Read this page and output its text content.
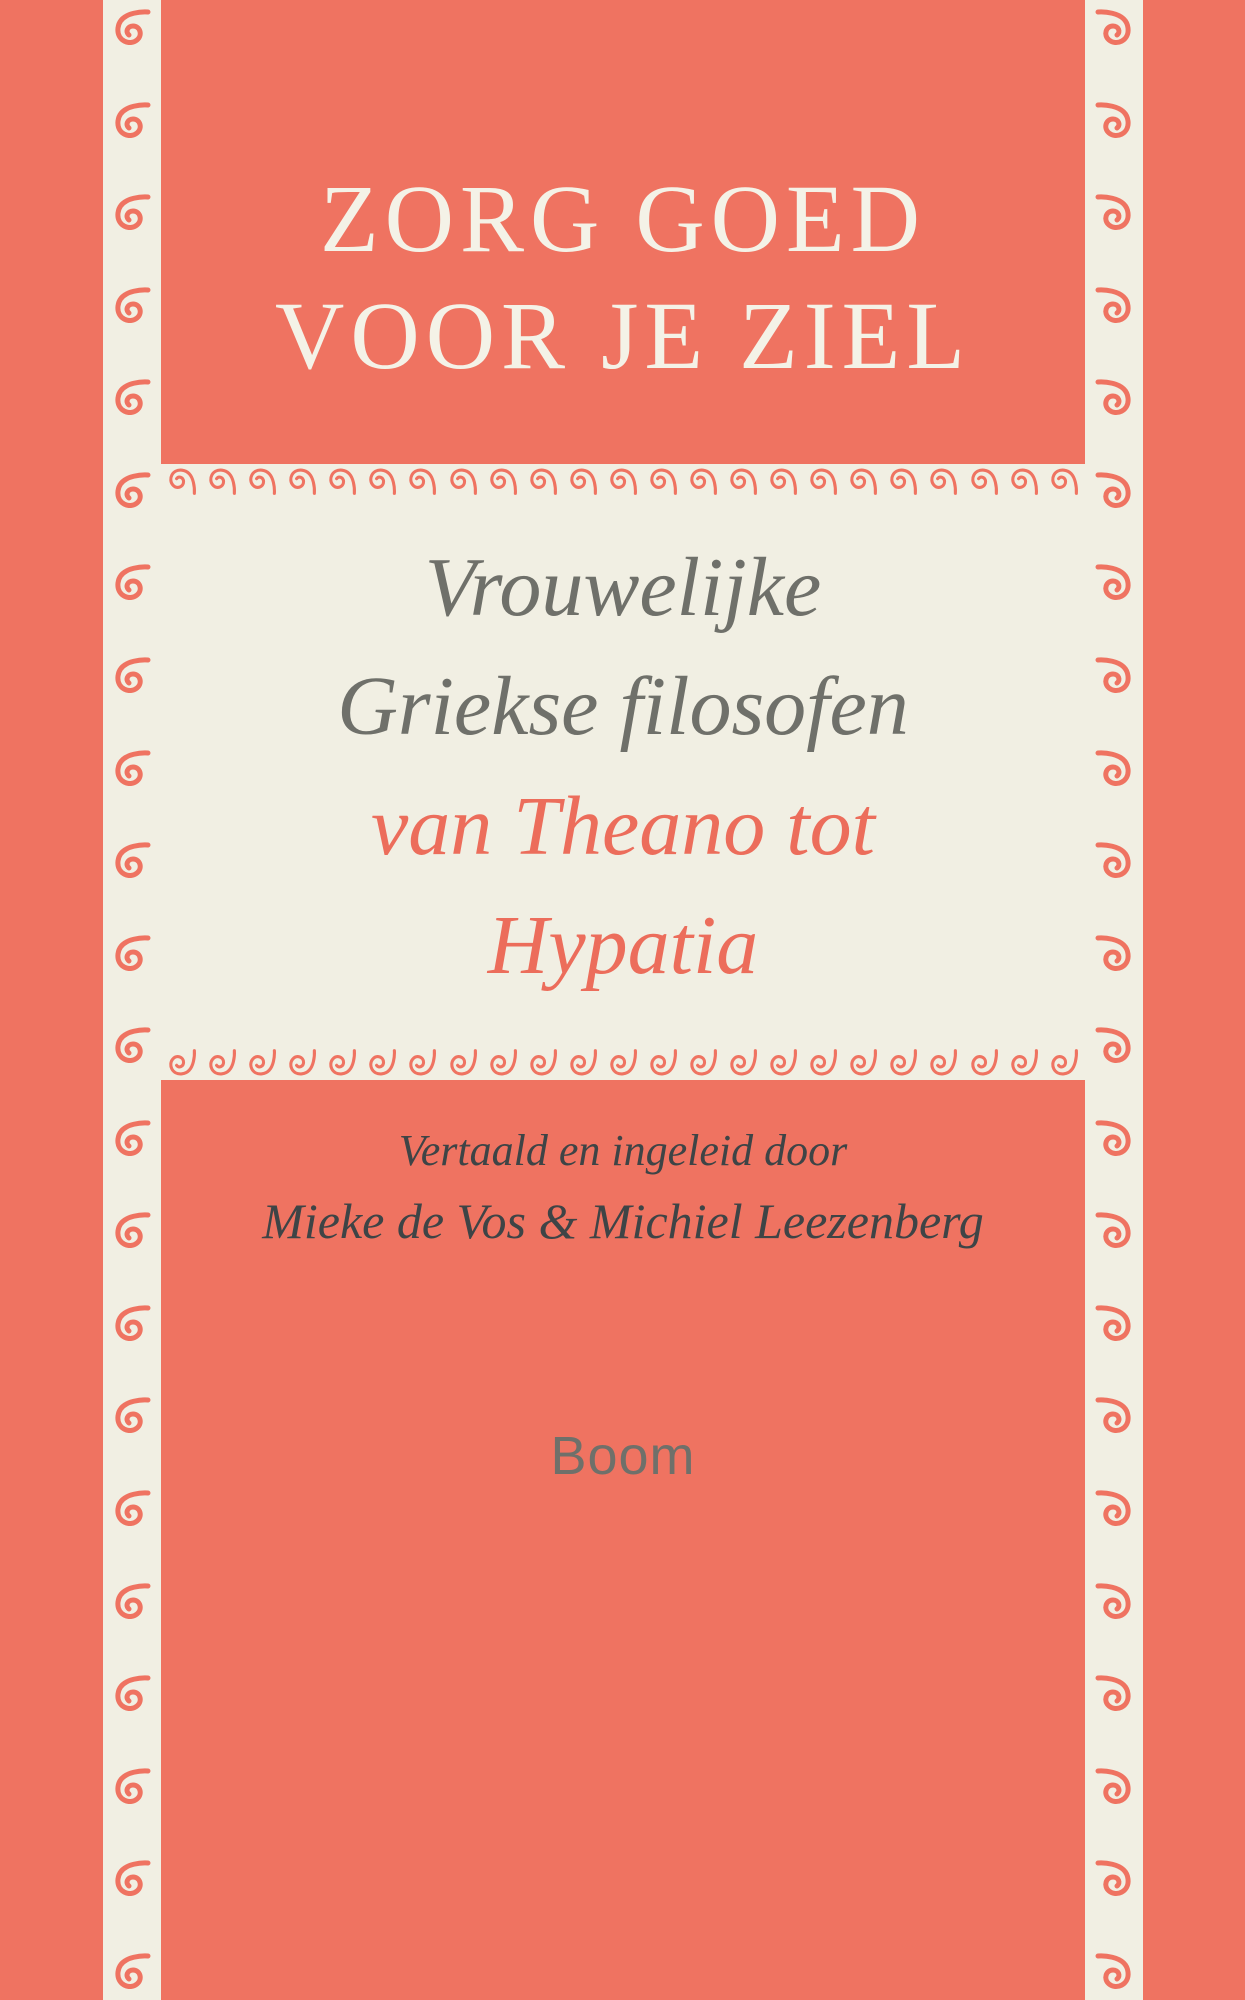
ZORG GOED
VOOR JE ZIEL
Vrouwelijke
Griekse filosofen
van Theano tot
Hypatia
Vertaald en ingeleid door
Mieke de Vos & Michiel Leezenberg
Boom
